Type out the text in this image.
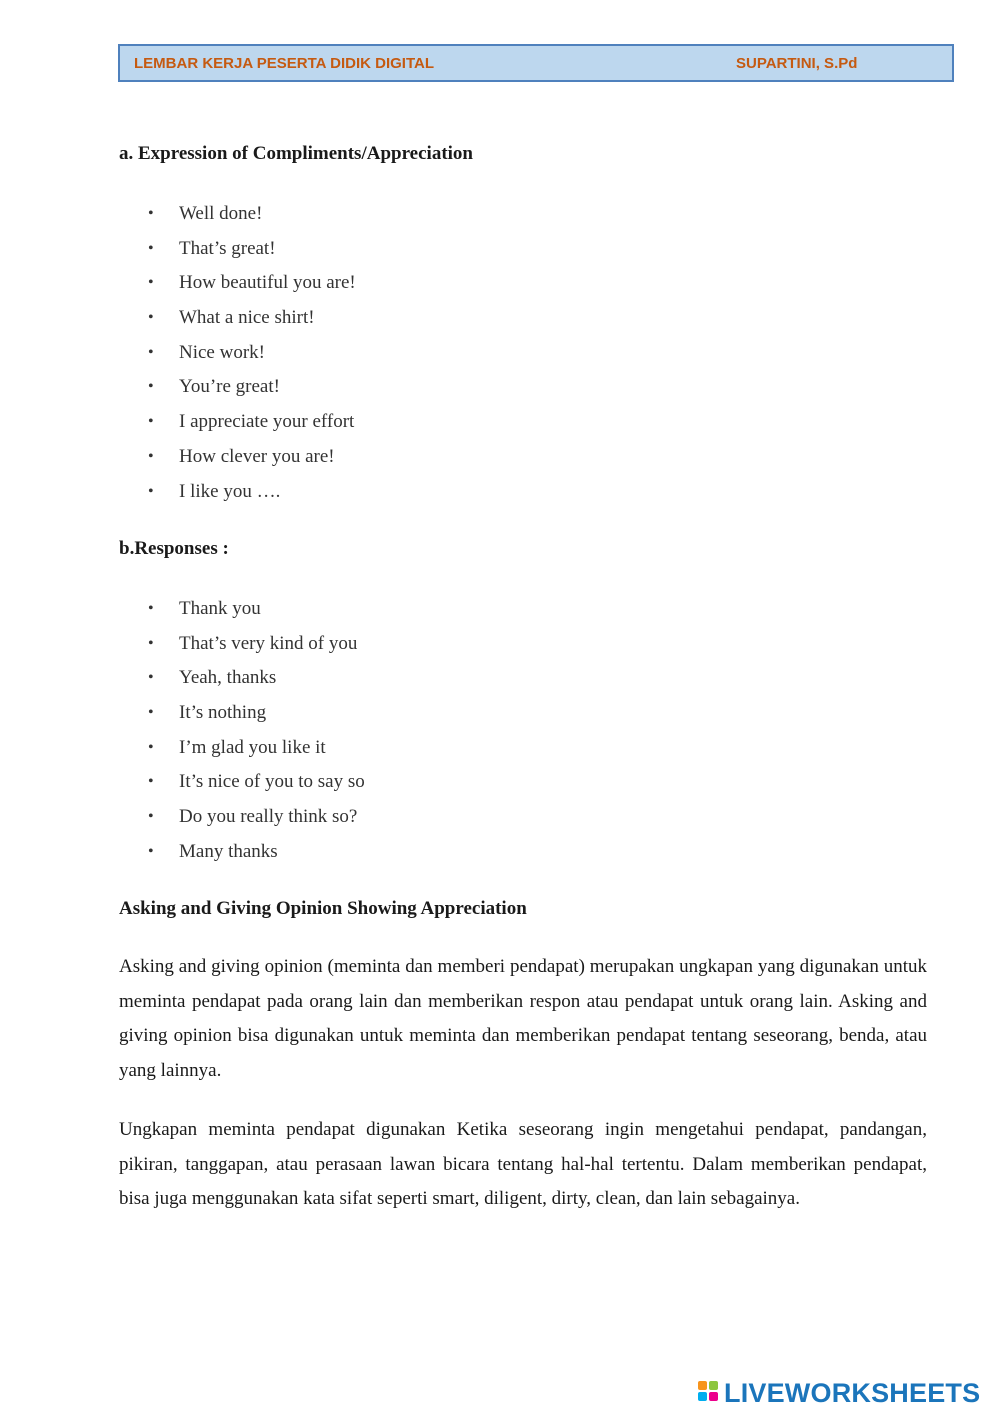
LEMBAR KERJA PESERTA DIDIK DIGITAL	SUPARTINI, S.Pd
a. Expression of Compliments/Appreciation
• Well done!
• That’s great!
• How beautiful you are!
• What a nice shirt!
• Nice work!
• You’re great!
• I appreciate your effort
• How clever you are!
• I like you ….
b.Responses :
• Thank you
• That’s very kind of you
• Yeah, thanks
• It’s nothing
• I’m glad you like it
• It’s nice of you to say so
• Do you really think so?
• Many thanks
Asking and Giving Opinion Showing Appreciation

Asking and giving opinion (meminta dan memberi pendapat) merupakan ungkapan yang digunakan untuk meminta pendapat pada orang lain dan memberikan respon atau pendapat untuk orang lain. Asking and giving opinion bisa digunakan untuk meminta dan memberikan pendapat tentang seseorang, benda, atau yang lainnya.

Ungkapan meminta pendapat digunakan Ketika seseorang ingin mengetahui pendapat, pandangan, pikiran, tanggapan, atau perasaan lawan bicara tentang hal-hal tertentu. Dalam memberikan pendapat, bisa juga menggunakan kata sifat seperti smart, diligent, dirty, clean, dan lain sebagainya.

LIVEWORKSHEETS
